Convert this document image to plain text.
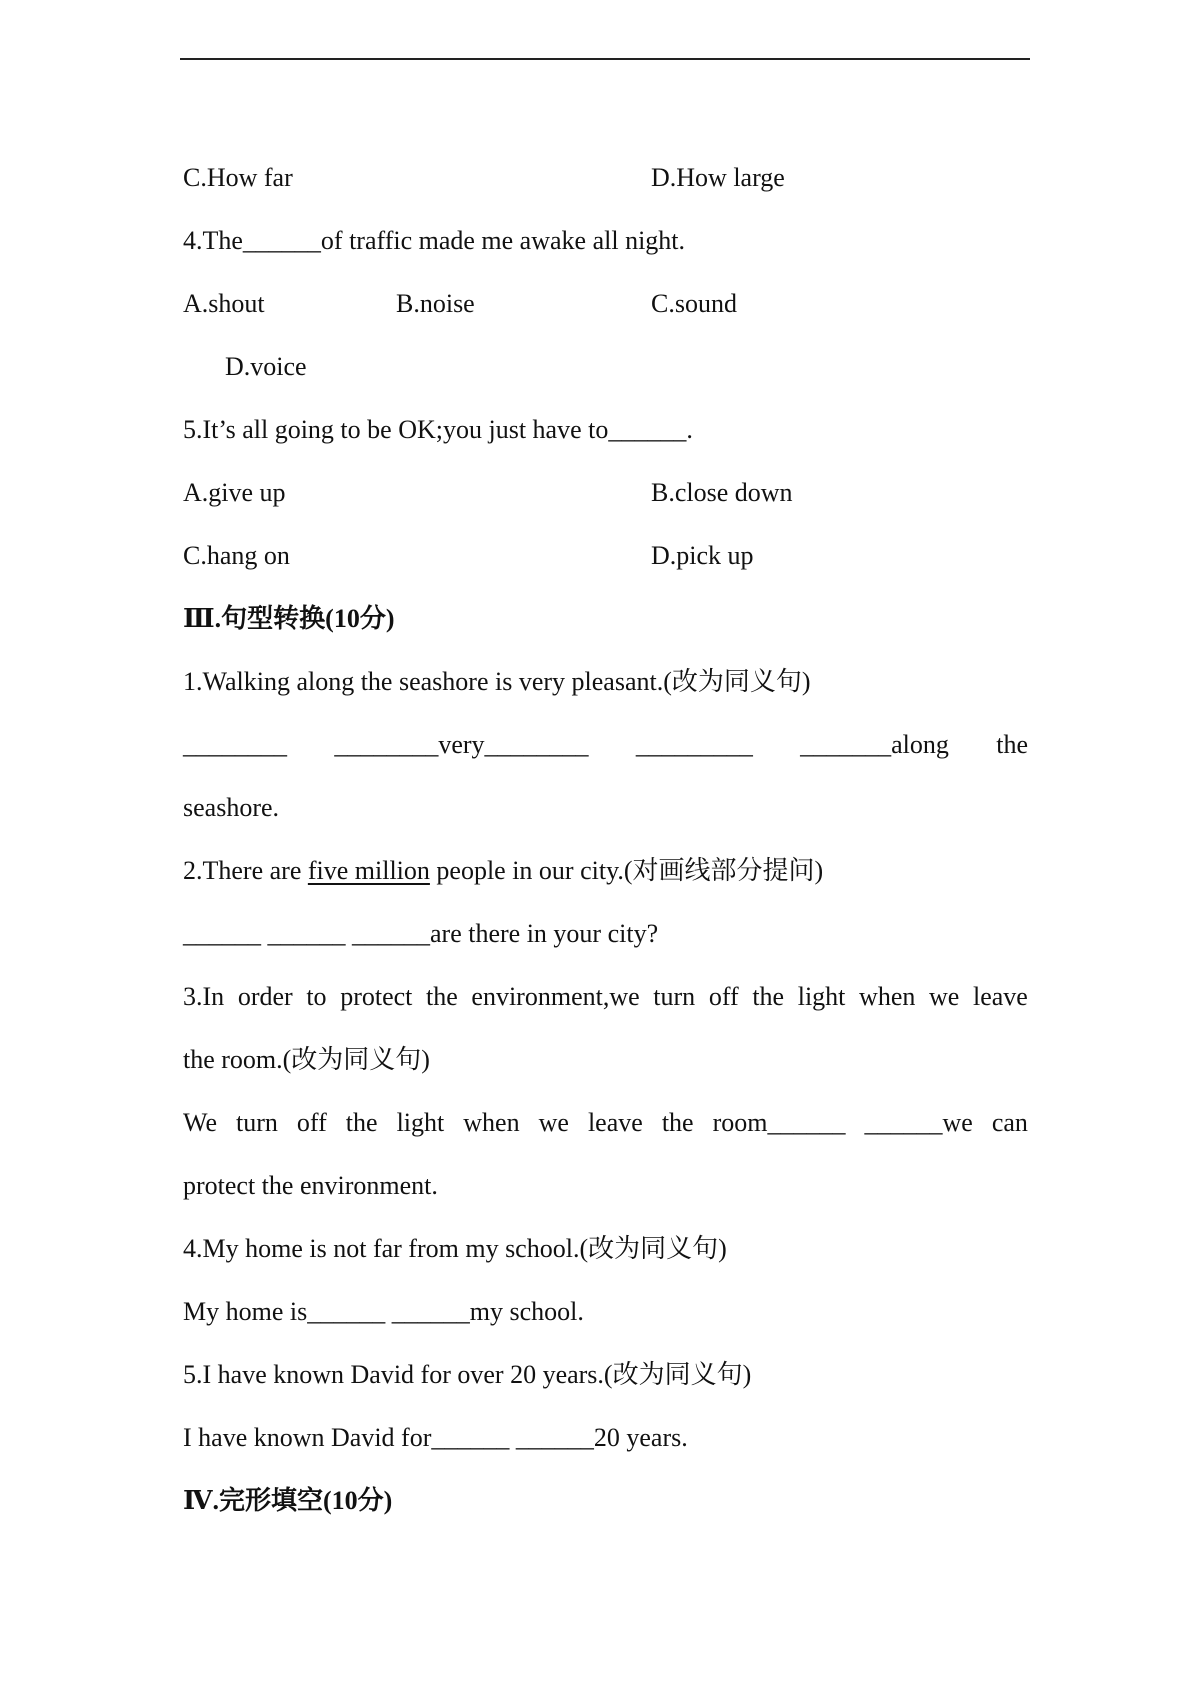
C.How far	D.How large
4.The______of traffic made me awake all night.
A.shout	B.noise	C.sound
D.voice
5.It’s all going to be OK;you just have to______.
A.give up	B.close down
C.hang on	D.pick up
Ⅲ.句型转换(10分)
1.Walking along the seashore is very pleasant.(改为同义句)
________ ________very________ _________ _______along the
seashore.
2.There are five million people in our city.(对画线部分提问)
______ ______ ______are there in your city?
3.In order to protect the environment,we turn off the light when we leave
the room.(改为同义句)
We turn off the light when we leave the room______ ______we can
protect the environment.
4.My home is not far from my school.(改为同义句)
My home is______ ______my school.
5.I have known David for over 20 years.(改为同义句)
I have known David for______ ______20 years.
Ⅳ.完形填空(10分)
